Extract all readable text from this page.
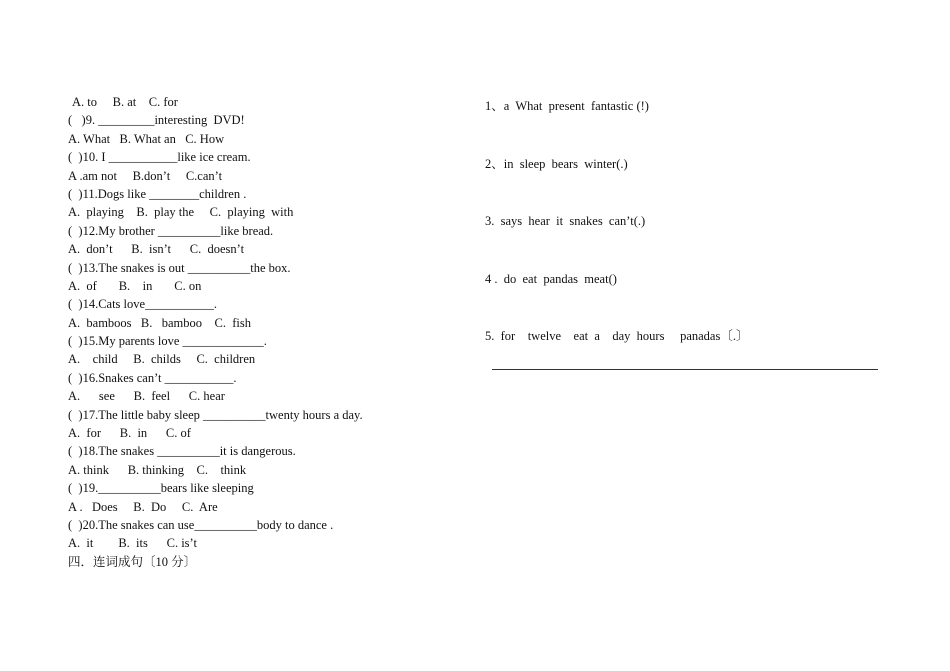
A. to     B. at    C. for
(   )9. _________interesting  DVD!
A. What   B. What an   C. How
(  )10. I ___________like ice cream.
A .am not     B.don’t     C.can’t
(  )11.Dogs like ________children .
A.  playing    B.  play the     C.  playing  with
(  )12.My brother __________like bread.
A.  don’t      B.  isn’t      C.  doesn’t
(  )13.The snakes is out __________the box.
A.  of       B.    in       C. on
(  )14.Cats love___________.
A.  bamboos   B.   bamboo    C.  fish
(  )15.My parents love _____________.
A.    child     B.  childs     C.  children
(  )16.Snakes can’t ___________.
A.      see      B.  feel      C. hear
(  )17.The little baby sleep __________twenty hours a day.
A.  for      B.  in      C. of
(  )18.The snakes __________it is dangerous.
A. think      B. thinking    C.    think
(  )19.__________bears like sleeping
A .   Does     B.  Do     C.  Are
(  )20.The snakes can use__________body to dance .
A.  it        B.  its      C. is’t
四．连词成句〔10 分〕
1、a  What  present  fantastic (!)
2、in  sleep  bears  winter(.)
3.  says  hear  it  snakes  can’t(.)
4 .  do  eat  pandas  meat()
5.  for    twelve    eat  a    day  hours     panadas〔.〕
